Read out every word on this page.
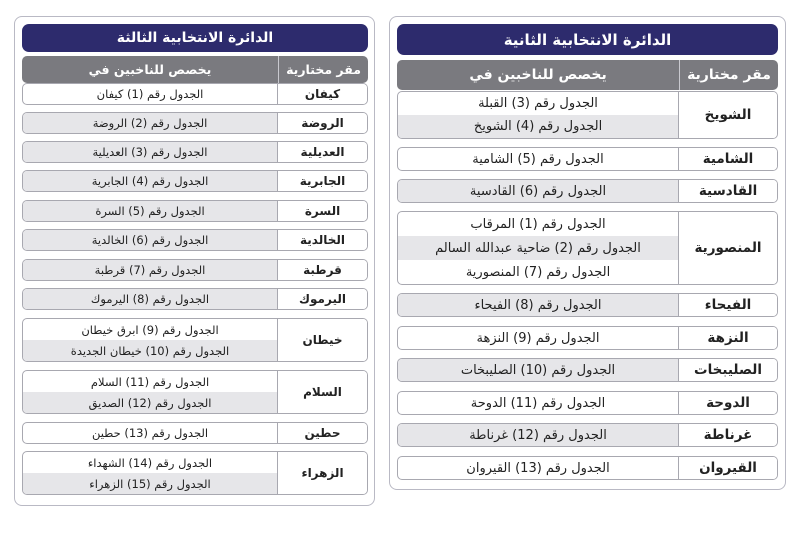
الدائرة الانتخابية الثانية
مقر مختارية
يخصص للناخبين في
الشويخ
الجدول رقم (3) القبلة
الجدول رقم (4) الشويخ
الشامية
الجدول رقم (5) الشامية
القادسية
الجدول رقم (6) القادسية
المنصورية
الجدول رقم (1) المرقاب
الجدول رقم (2) ضاحية عبدالله السالم
الجدول رقم (7) المنصورية
الفيحاء
الجدول رقم (8) الفيحاء
النزهة
الجدول رقم (9) النزهة
الصليبخات
الجدول رقم (10) الصليبخات
الدوحة
الجدول رقم (11) الدوحة
غرناطة
الجدول رقم (12) غرناطة
القيروان
الجدول رقم (13) القيروان
الدائرة الانتخابية الثالثة
مقر مختارية
يخصص للناخبين في
كيفان
الجدول رقم (1) كيفان
الروضة
الجدول رقم (2) الروضة
العديلية
الجدول رقم (3) العديلية
الجابرية
الجدول رقم (4) الجابرية
السرة
الجدول رقم (5) السرة
الخالدية
الجدول رقم (6) الخالدية
قرطبة
الجدول رقم (7) قرطبة
اليرموك
الجدول رقم (8) اليرموك
خيطان
الجدول رقم (9) ابرق خيطان
الجدول رقم (10) خيطان الجديدة
السلام
الجدول رقم (11) السلام
الجدول رقم (12) الصديق
حطين
الجدول رقم (13) حطين
الزهراء
الجدول رقم (14) الشهداء
الجدول رقم (15) الزهراء
